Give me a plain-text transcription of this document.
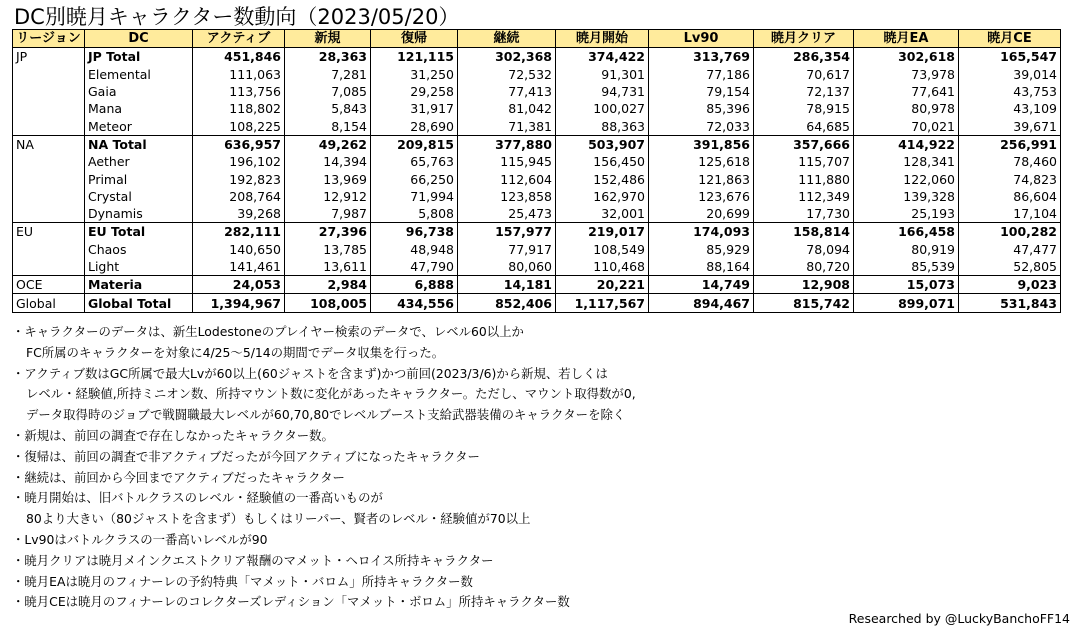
DC別暁月キャラクター数動向（2023/05/20）
リージョン	DC	アクティブ	新規	復帰	継続	暁月開始	Lv90	暁月クリア	暁月EA	暁月CE
JP	JP Total	451,846	28,363	121,115	302,368	374,422	313,769	286,354	302,618	165,547
	Elemental	111,063	7,281	31,250	72,532	91,301	77,186	70,617	73,978	39,014
	Gaia	113,756	7,085	29,258	77,413	94,731	79,154	72,137	77,641	43,753
	Mana	118,802	5,843	31,917	81,042	100,027	85,396	78,915	80,978	43,109
	Meteor	108,225	8,154	28,690	71,381	88,363	72,033	64,685	70,021	39,671
NA	NA Total	636,957	49,262	209,815	377,880	503,907	391,856	357,666	414,922	256,991
	Aether	196,102	14,394	65,763	115,945	156,450	125,618	115,707	128,341	78,460
	Primal	192,823	13,969	66,250	112,604	152,486	121,863	111,880	122,060	74,823
	Crystal	208,764	12,912	71,994	123,858	162,970	123,676	112,349	139,328	86,604
	Dynamis	39,268	7,987	5,808	25,473	32,001	20,699	17,730	25,193	17,104
EU	EU Total	282,111	27,396	96,738	157,977	219,017	174,093	158,814	166,458	100,282
	Chaos	140,650	13,785	48,948	77,917	108,549	85,929	78,094	80,919	47,477
	Light	141,461	13,611	47,790	80,060	110,468	88,164	80,720	85,539	52,805
OCE	Materia	24,053	2,984	6,888	14,181	20,221	14,749	12,908	15,073	9,023
Global	Global Total	1,394,967	108,005	434,556	852,406	1,117,567	894,467	815,742	899,071	531,843
・キャラクターのデータは、新生Lodestoneのプレイヤー検索のデータで、レベル60以上か
FC所属のキャラクターを対象に4/25～5/14の期間でデータ収集を行った。
・アクティブ数はGC所属で最大Lvが60以上(60ジャストを含まず)かつ前回(2023/3/6)から新規、若しくは
レベル・経験値,所持ミニオン数、所持マウント数に変化があったキャラクター。ただし、マウント取得数が0,
データ取得時のジョブで戦闘職最大レベルが60,70,80でレベルブースト支給武器装備のキャラクターを除く
・新規は、前回の調査で存在しなかったキャラクター数。
・復帰は、前回の調査で非アクティブだったが今回アクティブになったキャラクター
・継続は、前回から今回までアクティブだったキャラクター
・暁月開始は、旧バトルクラスのレベル・経験値の一番高いものが
80より大きい（80ジャストを含まず）もしくはリーパー、賢者のレベル・経験値が70以上
・Lv90はバトルクラスの一番高いレベルが90
・暁月クリアは暁月メインクエストクリア報酬のマメット・ヘロイス所持キャラクター
・暁月EAは暁月のフィナーレの予約特典「マメット・バロム」所持キャラクター数
・暁月CEは暁月のフィナーレのコレクターズレディション「マメット・ボロム」所持キャラクター数
Researched by @LuckyBanchoFF14
